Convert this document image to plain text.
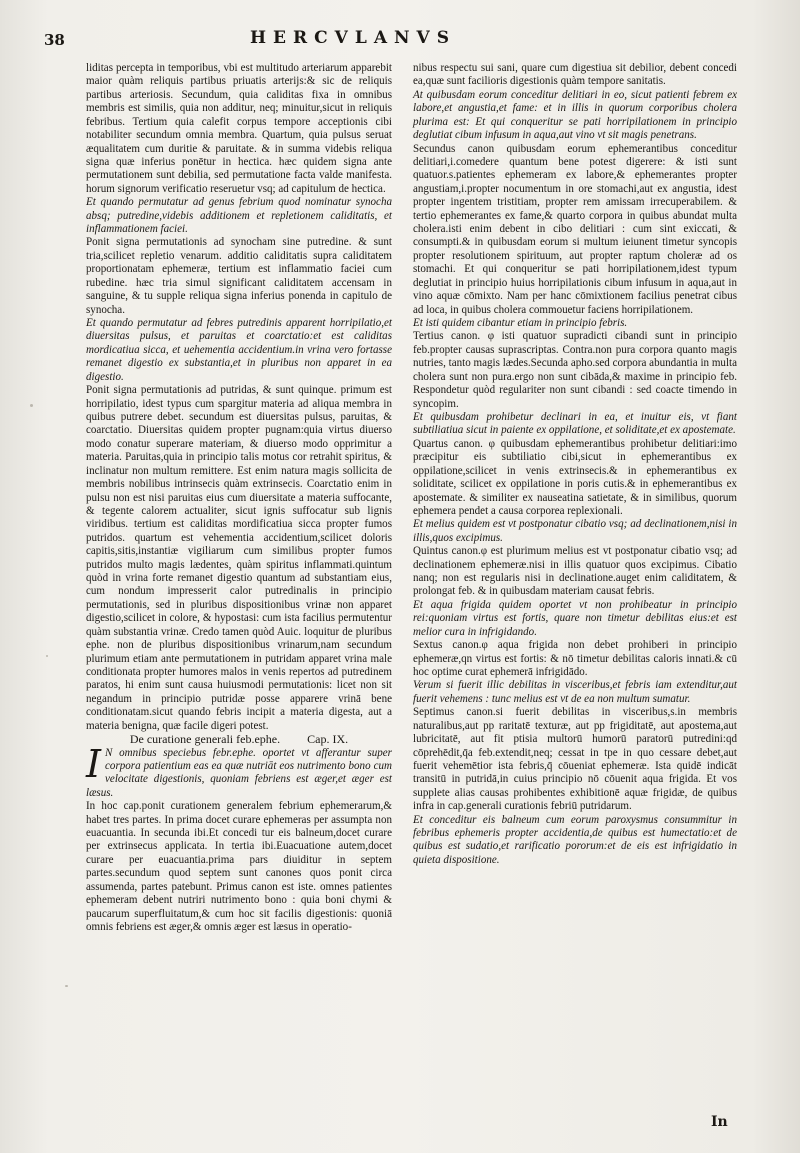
38	HERCVLANVS

liditas percepta in temporibus, vbi est multitudo arteriarum apparebit maior quàm reliquis partibus priuatis arterijs:& sic de reliquis partibus arteriosis. Secundum, quia caliditas fixa in omnibus membris est similis, quia non additur, neq; minuitur,sicut in reliquis febribus. Tertium quia calefit corpus tempore acceptionis cibi notabiliter secundum omnia membra. Quartum, quia pulsus seruat æqualitatem cum duritie & paruitate. & in summa videbis reliqua signa quæ inferius ponētur in hectica. hæc quidem signa ante permutationem sunt debilia, sed permutatione facta valde manifesta. horum signorum verificatio reseruetur vsq; ad capitulum de hectica.

Et quando permutatur ad genus febrium quod nominatur synocha absq; putredine,videbis additionem et repletionem caliditatis, et inflammationem faciei.

Ponit signa permutationis ad synocham sine putredine. & sunt tria,scilicet repletio venarum. additio caliditatis supra caliditatem proportionatam ephemeræ, tertium est inflammatio faciei cum rubedine. hæc tria simul significant caliditatem accensam in sanguine, & tu supple reliqua signa inferius ponenda in capitulo de synocha.

Et quando permutatur ad febres putredinis apparent horripilatio,et diuersitas pulsus, et paruitas et coarctatio:et est caliditas mordicatiua sicca, et uehementia accidentium.in vrina vero fortasse remanet digestio ex substantia,et in pluribus non apparet in ea digestio.

Ponit signa permutationis ad putridas, & sunt quinque. primum est horripilatio, idest typus cum spargitur materia ad aliqua membra in quibus putrere debet. secundum est diuersitas pulsus, paruitas, & coarctatio. Diuersitas quidem propter pugnam:quia virtus diuerso modo conatur superare materiam, & diuerso modo opprimitur a materia. Paruitas,quia in principio talis motus cor retrahit spiritus, & inclinatur non multum remittere. Est enim natura magis sollicita de membris nobilibus intrinsecis quàm extrinsecis. Coarctatio enim in pulsu non est nisi paruitas eius cum diuersitate a materia suffocante, & tegente calorem actualiter, sicut ignis suffocatur sub lignis viridibus. tertium est caliditas mordificatiua sicca propter fumos putridos. quartum est vehementia accidentium,scilicet doloris capitis,sitis,instantiæ vigiliarum cum similibus propter fumos putridos multo magis lædentes, quàm spiritus inflammati.quintum quòd in vrina forte remanet digestio quantum ad substantiam eius, cum nondum impresserit calor putredinalis in principio permutationis, sed in pluribus dispositionibus vrinæ non apparet digestio,scilicet in colore, & hypostasi: cum ista facilius permutentur quàm substantia vrinæ. Credo tamen quòd Auic. loquitur de pluribus ephe. non de pluribus dispositionibus vrinarum,nam secundum plurimum etiam ante permutationem in putridam apparet vrina male conditionata propter humores malos in venis repertos ad putredinem paratos, hi enim sunt causa huiusmodi permutationis: licet non sit negandum in principio putridæ posse apparere vrinā bene conditionatam.sicut quando febris incipit a materia digesta, aut a materia benigna, quæ facile digeri potest.

De curatione generali feb.ephe. Cap. IX.

I N omnibus speciebus febr.ephe. oportet vt afferantur super corpora patientium eas ea quæ nutriāt eos nutrimento bono cum velocitate digestionis, quoniam febriens est æger,et æger est læsus.

In hoc cap.ponit curationem generalem febrium ephemerarum,& habet tres partes. In prima docet curare ephemeras per assumpta non euacuantia. In secunda ibi.Et concedi tur eis balneum,docet curare per extrinsecus applicata. In tertia ibi.Euacuatione autem,docet curare per euacuantia.prima pars diuiditur in septem partes.secundum quod septem sunt canones quos ponit circa assumenda, partes patebunt. Primus canon est iste. omnes patientes ephemeram debent nutriri nutrimento bono : quia boni chymi & paucarum superfluitatum,& cum hoc sit facilis digestionis: quoniā omnis febriens est æger,& omnis æger est læsus in operatio-

nibus respectu sui sani, quare cum digestiua sit debilior, debent concedi ea,quæ sunt facilioris digestionis quàm tempore sanitatis.

At quibusdam eorum conceditur delitiari in eo, sicut patienti febrem ex labore,et angustia,et fame: et in illis in quorum corporibus cholera plurima est: Et qui conqueritur se pati horripilationem in principio deglutiat cibum infusum in aqua,aut vino vt sit magis penetrans.

Secundus canon quibusdam eorum ephemerantibus conceditur delitiari,i.comedere quantum bene potest digerere: & isti sunt quatuor.s.patientes ephemeram ex labore,& ephemerantes propter angustiam,i.propter nocumentum in ore stomachi,aut ex angustia, idest propter ingentem tristitiam, propter rem amissam irrecuperabilem. & tertio ephemerantes ex fame,& quarto corpora in quibus abundat multa cholera.isti enim debent in cibo delitiari : cum sint exiccati, & consumpti.& in quibusdam eorum si multum ieiunent timetur syncopis propter resolutionem spirituum, aut propter raptum choleræ ad os stomachi. Et qui conqueritur se pati horripilationem,idest typum deglutiat in principio huius horripilationis cibum infusum in aqua,aut in vino aquæ cōmixto. Nam per hanc cōmixtionem facilius penetrat cibus ad loca, in quibus cholera commouetur faciens horripilationem.

Et isti quidem cibantur etiam in principio febris.

Tertius canon. φ isti quatuor supradicti cibandi sunt in principio feb.propter causas suprascriptas. Contra.non pura corpora quanto magis nutries, tanto magis lædes.Secunda apho.sed corpora abundantia in multa cholera sunt non pura.ergo non sunt cibāda,& maxime in principio feb. Respondetur quòd regulariter non sunt cibandi : sed coacte timendo in syncopim.

Et quibusdam prohibetur declinari in ea, et inuitur eis, vt fiant subtiliatiua sicut in paiente ex oppilatione, et soliditate,et ex apostemate.

Quartus canon. φ quibusdam ephemerantibus prohibetur delitiari:imo præcipitur eis subtiliatio cibi,sicut in ephemerantibus ex oppilatione,scilicet in venis extrinsecis.& in ephemerantibus ex soliditate, scilicet ex oppilatione in poris cutis.& in ephemerantibus ex apostemate. & similiter ex nauseatina satietate, & in similibus, quorum ephemera pendet a causa corporea replexionali.

Et melius quidem est vt postponatur cibatio vsq; ad declinationem,nisi in illis,quos excipimus.

Quintus canon.φ est plurimum melius est vt postponatur cibatio vsq; ad declinationem ephemeræ.nisi in illis quatuor quos excipimus. Cibatio nanq; non est regularis nisi in declinatione.auget enim caliditatem, & prolongat feb. & in quibusdam materiam causat febris.

Et aqua frigida quidem oportet vt non prohibeatur in principio rei:quoniam virtus est fortis, quare non timetur debilitas eius:et est melior cura in infrigidando.

Sextus canon.φ aqua frigida non debet prohiberi in principio ephemeræ,qn virtus est fortis: & nō timetur debilitas caloris innati.& cū hoc optime curat ephemerā infrigidādo.

Verum si fuerit illic debilitas in visceribus,et febris iam extenditur,aut fuerit vehemens : tunc melius est vt de ea non multum sumatur.

Septimus canon.si fuerit debilitas in visceribus,s.in membris naturalibus,aut pp raritatē texturæ, aut pp frigiditatē, aut apostema,aut lubricitatē, aut fit ptisia multorū humorū paratorū putredini:qd cōprehēdit,q̄a feb.extendit,neq; cessat in tpe in quo cessare debet,aut fuerit vehemētior ista febris,q̄ cōueniat ephemeræ. Ista quidē indicāt transitū in putridā,in cuius principio nō cōuenit aqua frigida. Et vos supplete alias causas prohibentes exhibitionē aquæ frigidæ, de quibus infra in cap.generali curationis febriū putridarum.

Et conceditur eis balneum cum eorum paroxysmus consummitur in febribus ephemeris propter accidentia,de quibus est humectatio:et de quibus est sudatio,et rarificatio pororum:et de eis est infrigidatio in quieta dispositione.

In
